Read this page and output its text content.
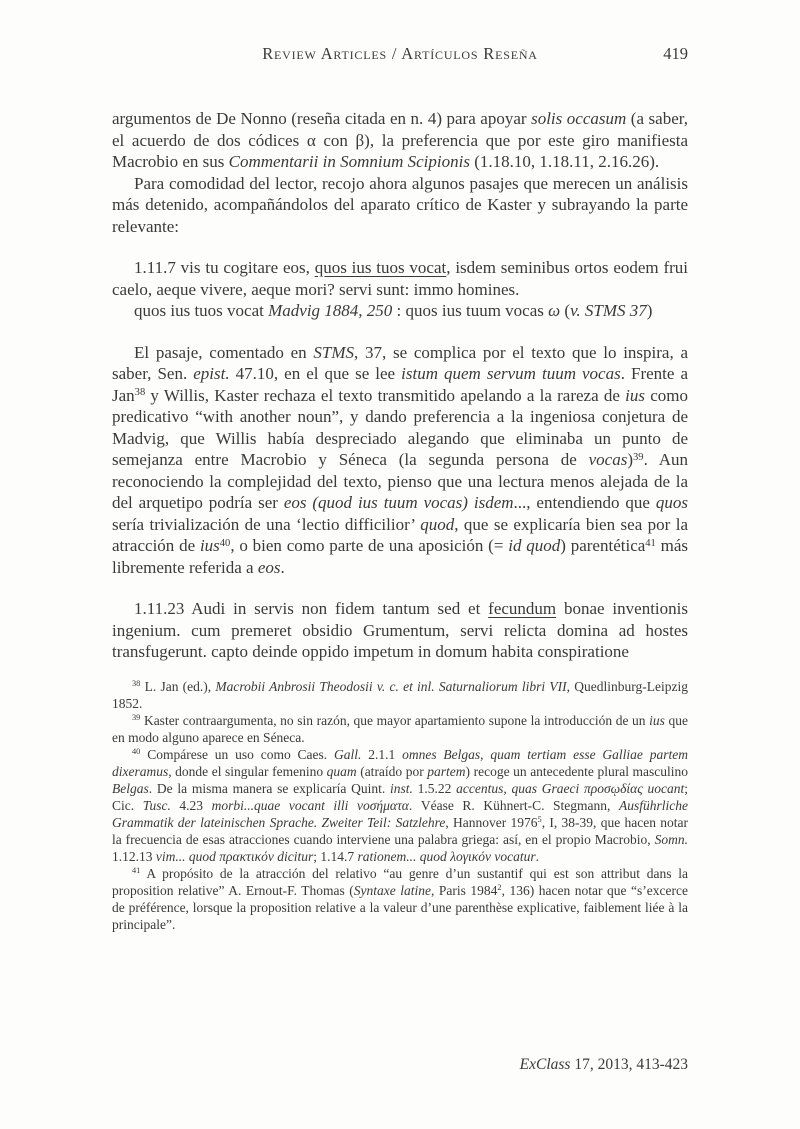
Review Articles / Artículos Reseña	419

argumentos de De Nonno (reseña citada en n. 4) para apoyar solis occasum (a saber, el acuerdo de dos códices α con β), la preferencia que por este giro manifiesta Macrobio en sus Commentarii in Somnium Scipionis (1.18.10, 1.18.11, 2.16.26).

Para comodidad del lector, recojo ahora algunos pasajes que merecen un análisis más detenido, acompañándolos del aparato crítico de Kaster y subrayando la parte relevante:

1.11.7 vis tu cogitare eos, quos ius tuos vocat, isdem seminibus ortos eodem frui caelo, aeque vivere, aeque mori? servi sunt: immo homines.

quos ius tuos vocat Madvig 1884, 250 : quos ius tuum vocas ω (v. STMS 37)

El pasaje, comentado en STMS, 37, se complica por el texto que lo inspira, a saber, Sen. epist. 47.10, en el que se lee istum quem servum tuum vocas. Frente a Jan$^{38}$ y Willis, Kaster rechaza el texto transmitido apelando a la rareza de ius como predicativo “with another noun”, y dando preferencia a la ingeniosa conjetura de Madvig, que Willis había despreciado alegando que eliminaba un punto de semejanza entre Macrobio y Séneca (la segunda persona de vocas)$^{39}$. Aun reconociendo la complejidad del texto, pienso que una lectura menos alejada de la del arquetipo podría ser eos (quod ius tuum vocas) isdem..., entendiendo que quos sería trivialización de una ‘lectio difficilior’ quod, que se explicaría bien sea por la atracción de ius$^{40}$, o bien como parte de una aposición (= id quod) parentética$^{41}$ más libremente referida a eos.

1.11.23 Audi in servis non fidem tantum sed et fecundum bonae inventionis ingenium. cum premeret obsidio Grumentum, servi relicta domina ad hostes transfugerunt. capto deinde oppido impetum in domum habita conspiratione

$^{38}$ L. Jan (ed.), Macrobii Anbrosii Theodosii v. c. et inl. Saturnaliorum libri VII, Quedlinburg-Leipzig 1852.

$^{39}$ Kaster contraargumenta, no sin razón, que mayor apartamiento supone la introducción de un ius que en modo alguno aparece en Séneca.

$^{40}$ Compárese un uso como Caes. Gall. 2.1.1 omnes Belgas, quam tertiam esse Galliae partem dixeramus, donde el singular femenino quam (atraído por partem) recoge un antecedente plural masculino Belgas. De la misma manera se explicaría Quint. inst. 1.5.22 accentus, quas Graeci προσῳδίας uocant; Cic. Tusc. 4.23 morbi...quae vocant illi νοσήματα. Véase R. Kühnert-C. Stegmann, Ausführliche Grammatik der lateinischen Sprache. Zweiter Teil: Satzlehre, Hannover 1976$^5$, I, 38-39, que hacen notar la frecuencia de esas atracciones cuando interviene una palabra griega: así, en el propio Macrobio, Somn. 1.12.13 vim... quod πρακτικόν dicitur; 1.14.7 rationem... quod λογικόν vocatur.

$^{41}$ A propósito de la atracción del relativo “au genre d’un sustantif qui est son attribut dans la proposition relative” A. Ernout-F. Thomas (Syntaxe latine, Paris 1984$^2$, 136) hacen notar que “s’excerce de préférence, lorsque la proposition relative a la valeur d’une parenthèse explicative, faiblement liée à la principale”.

ExClass 17, 2013, 413-423
